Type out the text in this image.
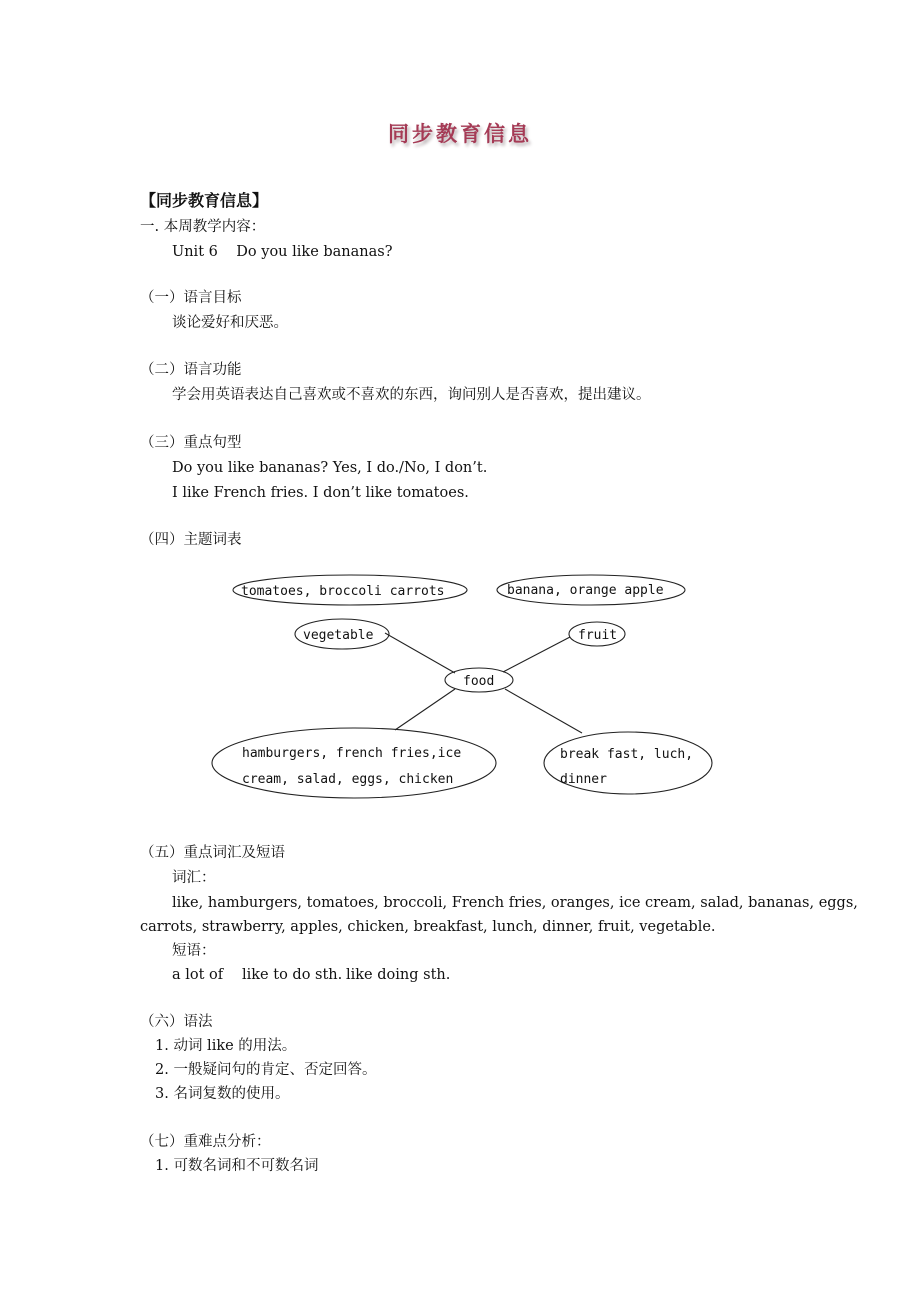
同步教育信息
【同步教育信息】
一. 本周教学内容：
Unit 6    Do you like bananas?
（一）语言目标
谈论爱好和厌恶。
（二）语言功能
学会用英语表达自己喜欢或不喜欢的东西，询问别人是否喜欢，提出建议。
（三）重点句型
Do you like bananas? Yes, I do./No, I don’t.
I like French fries. I don’t like tomatoes.
（四）主题词表
tomatoes, broccoli carrots	banana, orange apple
vegetable	fruit
food
hamburgers, french fries,ice
cream, salad, eggs, chicken
break fast, luch,
dinner
（五）重点词汇及短语
词汇：
like, hamburgers, tomatoes, broccoli, French fries, oranges, ice cream, salad, bananas, eggs,
carrots, strawberry, apples, chicken, breakfast, lunch, dinner, fruit, vegetable.
短语：
a lot of like to do sth. like doing sth.
（六）语法
1. 动词 like 的用法。
2. 一般疑问句的肯定、否定回答。
3. 名词复数的使用。
（七）重难点分析：
1. 可数名词和不可数名词
